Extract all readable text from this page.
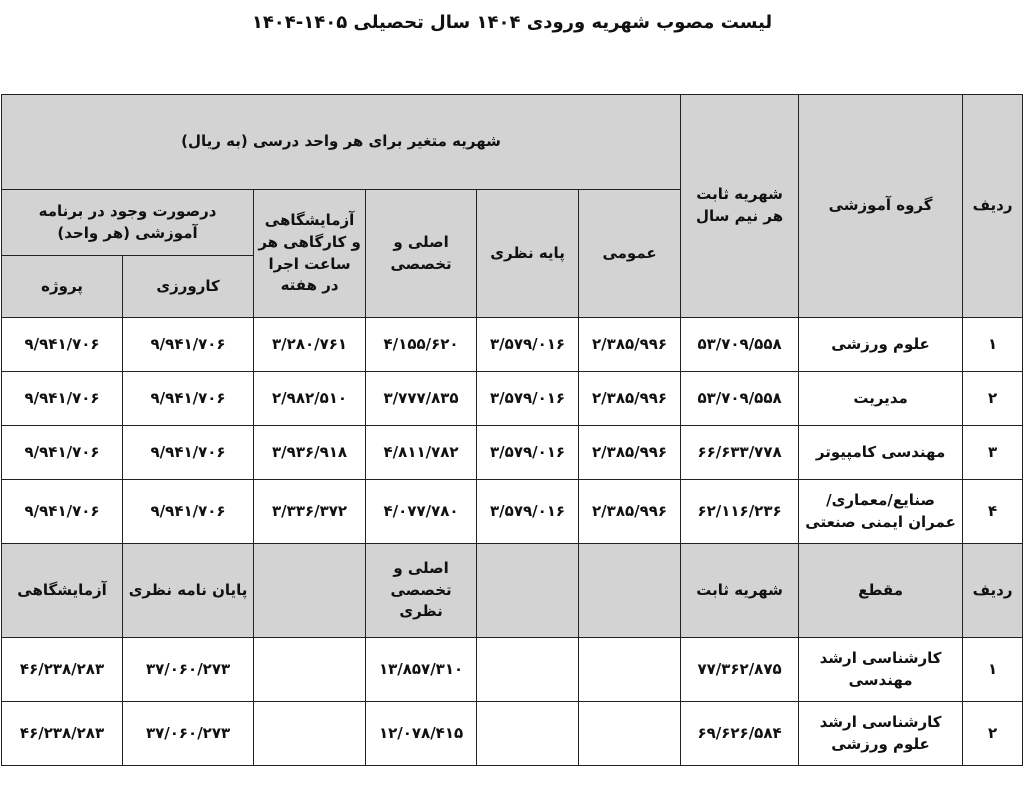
لیست مصوب شهریه ورودی ۱۴۰۴ سال تحصیلی ۱۴۰۵-۱۴۰۴
ردیف	گروه آموزشی	شهریه ثابت هر نیم سال	شهریه متغیر برای هر واحد درسی (به ریال)					
			عمومی	پایه نظری	اصلی و تخصصی	آزمایشگاهی و کارگاهی هر ساعت اجرا در هفته	درصورت وجود در برنامه آموزشی (هر واحد)	
							کارورزی	پروژه
۱	علوم ورزشی	۵۳/۷۰۹/۵۵۸	۲/۳۸۵/۹۹۶	۳/۵۷۹/۰۱۶	۴/۱۵۵/۶۲۰	۳/۲۸۰/۷۶۱	۹/۹۴۱/۷۰۶	۹/۹۴۱/۷۰۶
۲	مدیریت	۵۳/۷۰۹/۵۵۸	۲/۳۸۵/۹۹۶	۳/۵۷۹/۰۱۶	۳/۷۷۷/۸۳۵	۲/۹۸۲/۵۱۰	۹/۹۴۱/۷۰۶	۹/۹۴۱/۷۰۶
۳	مهندسی کامپیوتر	۶۶/۶۳۳/۷۷۸	۲/۳۸۵/۹۹۶	۳/۵۷۹/۰۱۶	۴/۸۱۱/۷۸۲	۳/۹۳۶/۹۱۸	۹/۹۴۱/۷۰۶	۹/۹۴۱/۷۰۶
۴	صنایع/معماری/عمران ایمنی صنعتی	۶۲/۱۱۶/۲۳۶	۲/۳۸۵/۹۹۶	۳/۵۷۹/۰۱۶	۴/۰۷۷/۷۸۰	۳/۳۳۶/۳۷۲	۹/۹۴۱/۷۰۶	۹/۹۴۱/۷۰۶
ردیف	مقطع	شهریه ثابت			اصلی و تخصصی نظری		پایان نامه نظری	آزمایشگاهی
۱	کارشناسی ارشد مهندسی	۷۷/۳۶۲/۸۷۵			۱۳/۸۵۷/۳۱۰		۳۷/۰۶۰/۲۷۳	۴۶/۲۳۸/۲۸۳
۲	کارشناسی ارشد علوم ورزشی	۶۹/۶۲۶/۵۸۴			۱۲/۰۷۸/۴۱۵		۳۷/۰۶۰/۲۷۳	۴۶/۲۳۸/۲۸۳
